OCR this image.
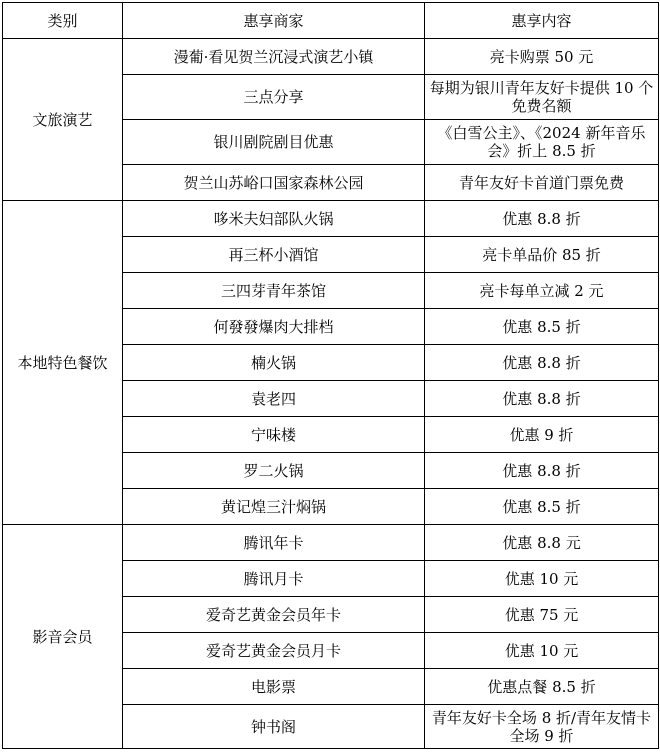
类别	惠享商家	惠享内容
文旅演艺	漫葡·看见贺兰沉浸式演艺小镇	亮卡购票 50 元
	三点分享	每期为银川青年友好卡提供 10 个免费名额
	银川剧院剧目优惠	《白雪公主》、《2024 新年音乐会》折上 8.5 折
	贺兰山苏峪口国家森林公园	青年友好卡首道门票免费
本地特色餐饮	哆米夫妇部队火锅	优惠 8.8 折
	再三杯小酒馆	亮卡单品价 85 折
	三四芽青年茶馆	亮卡每单立减 2 元
	何發發爆肉大排档	优惠 8.5 折
	楠火锅	优惠 8.8 折
	袁老四	优惠 8.8 折
	宁味楼	优惠 9 折
	罗二火锅	优惠 8.8 折
	黄记煌三汁焖锅	优惠 8.5 折
影音会员	腾讯年卡	优惠 8.8 元
	腾讯月卡	优惠 10 元
	爱奇艺黄金会员年卡	优惠 75 元
	爱奇艺黄金会员月卡	优惠 10 元
	电影票	优惠点餐 8.5 折
	钟书阁	青年友好卡全场 8 折/青年友情卡全场 9 折
